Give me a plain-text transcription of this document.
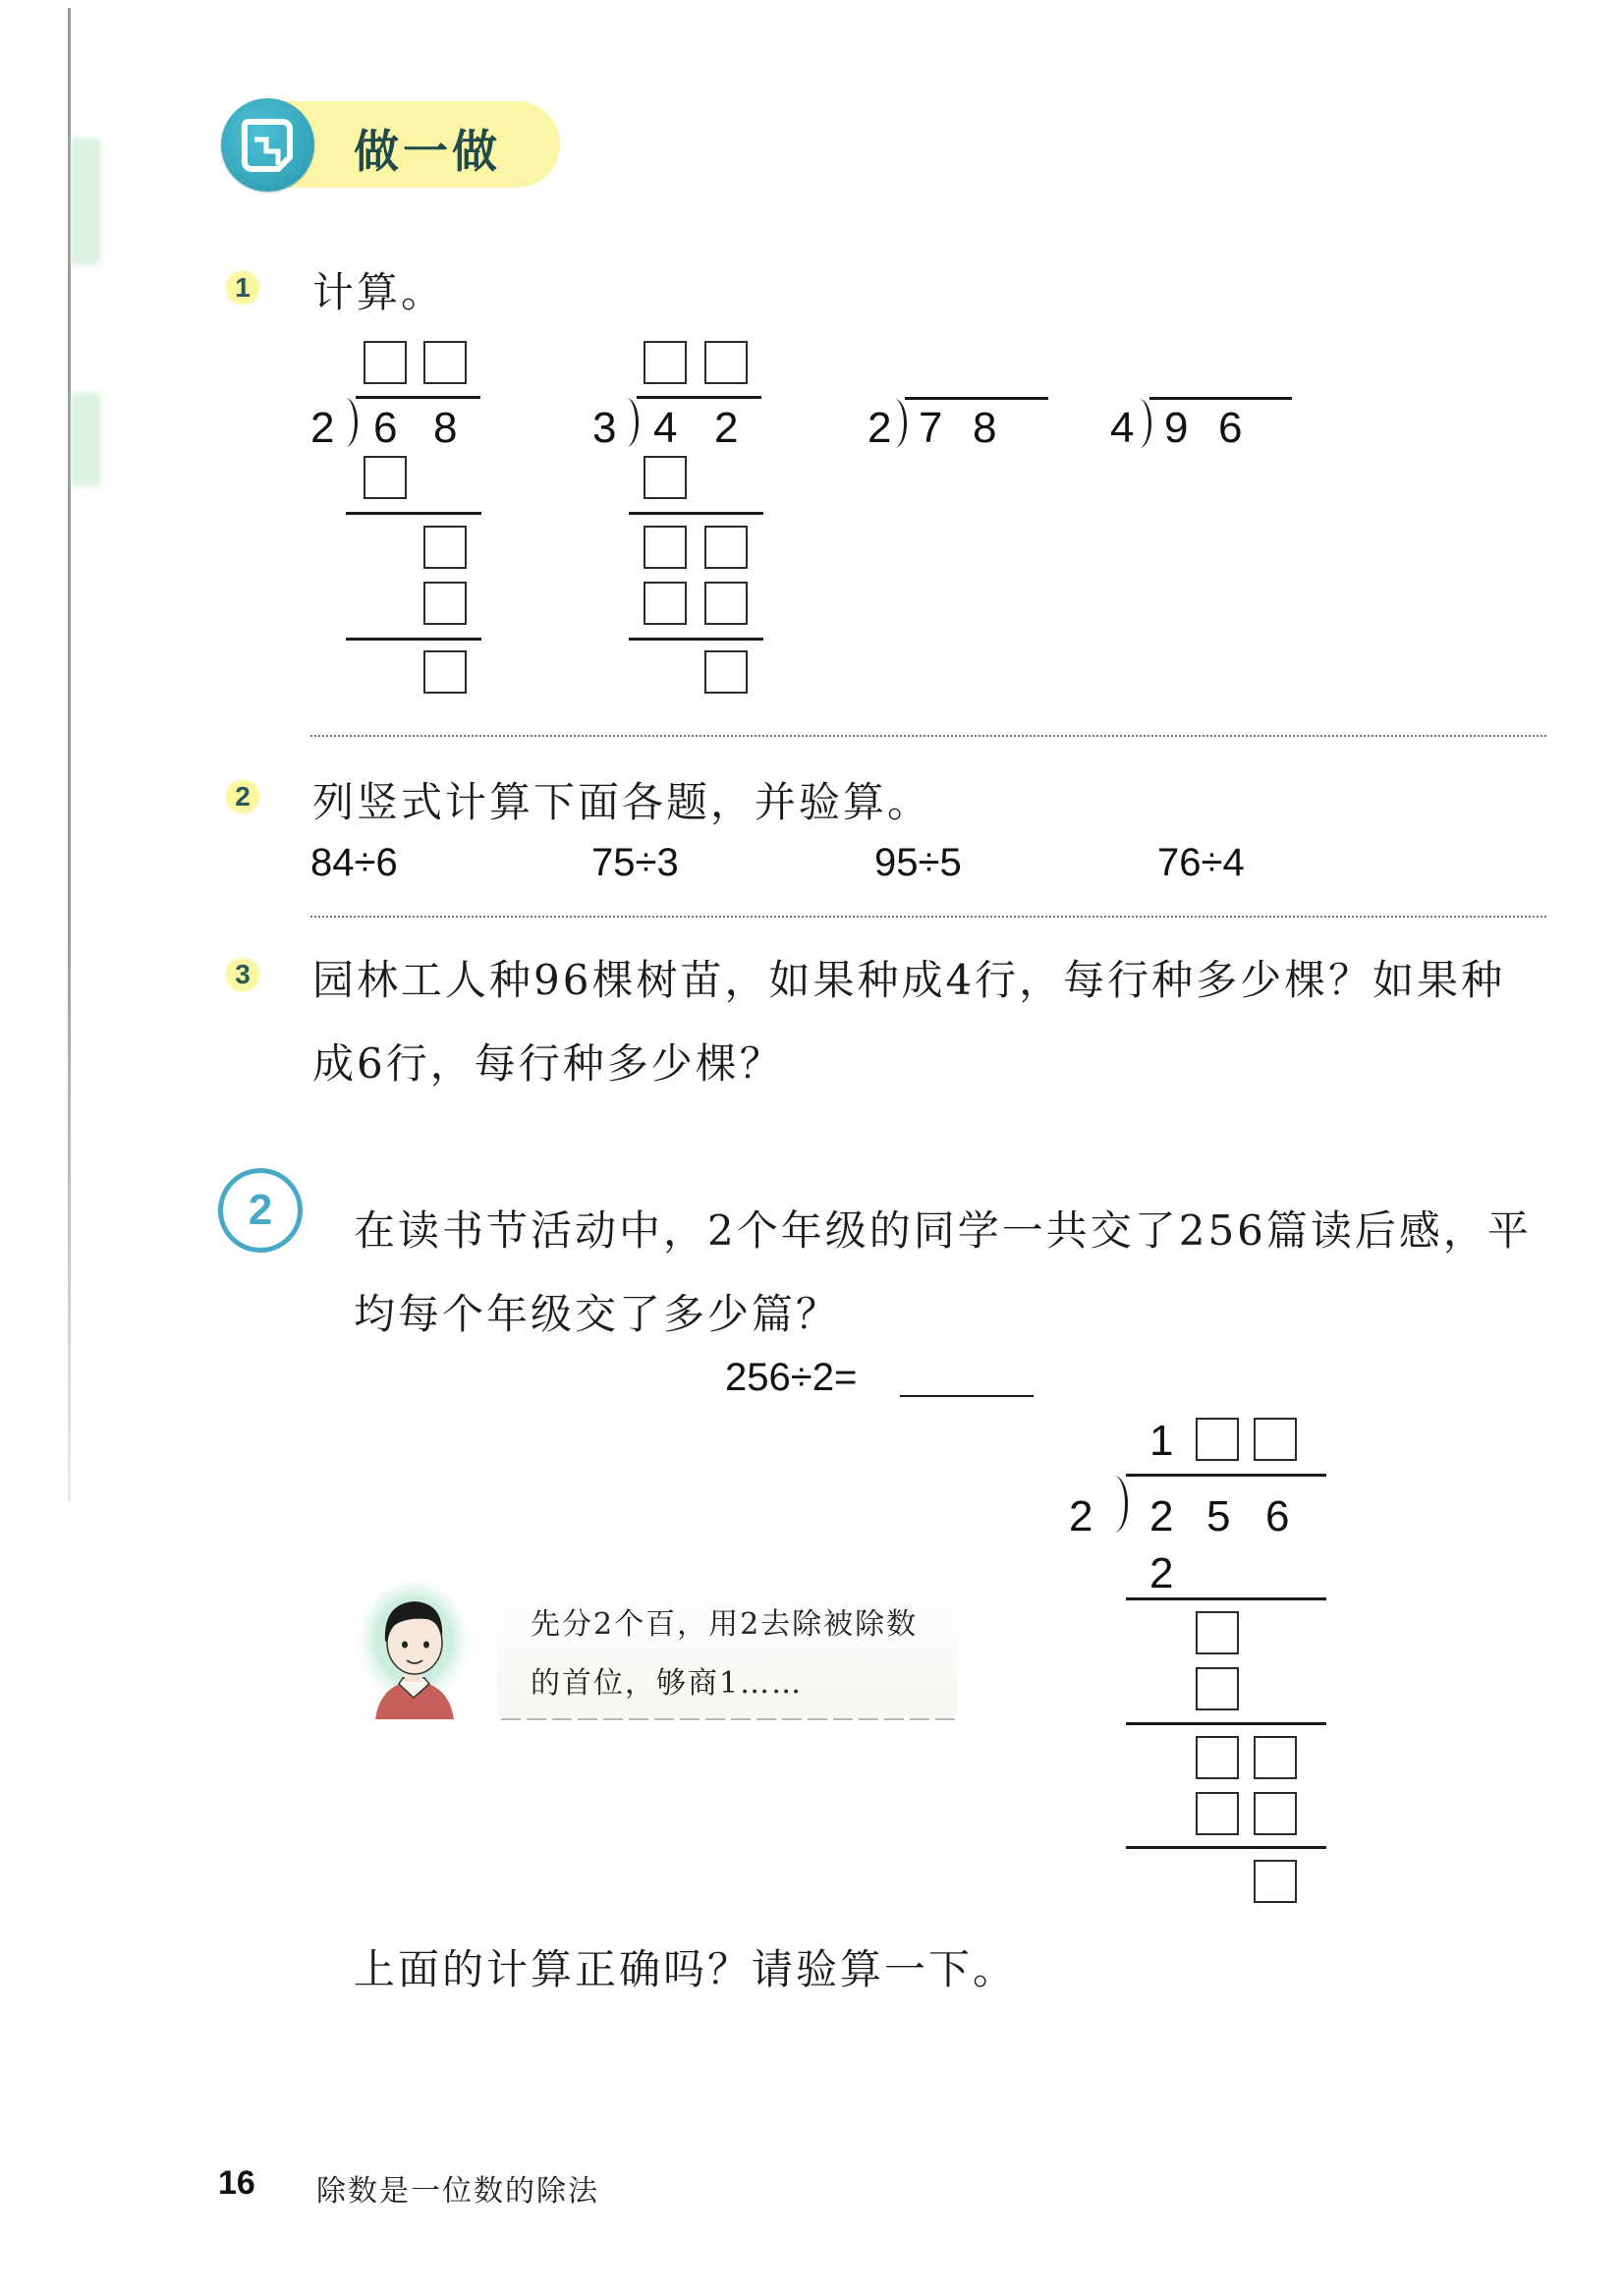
做一做
1 计算。
2 6 8	3 4 2	2 7 8	4 9 6
2 列竖式计算下面各题，并验算。
84÷6	75÷3	95÷5	76÷4
3 园林工人种96棵树苗，如果种成4行，每行种多少棵？如果种
成6行，每行种多少棵？
2	在读书节活动中，2个年级的同学一共交了256篇读后感，平
均每个年级交了多少篇？
256÷2=
1
2 2 5 6
2
先分2个百，用2去除被除数
的首位，够商1……
上面的计算正确吗？请验算一下。
16 除数是一位数的除法
